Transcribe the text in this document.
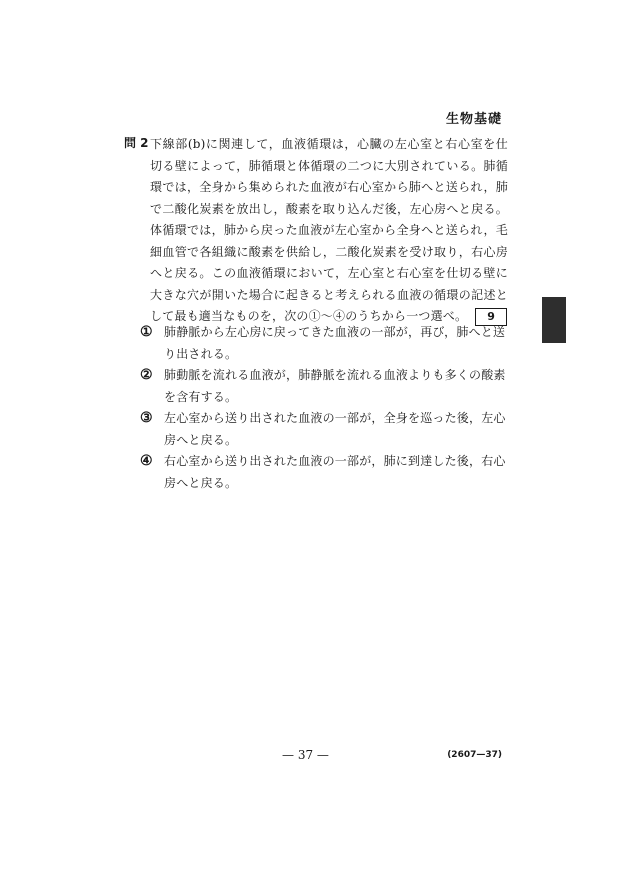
生物基礎
問 2 下線部(b)に関連して，血液循環は，心臓の左心室と右心室を仕切る壁によって，肺循環と体循環の二つに大別されている。肺循環では，全身から集められた血液が右心室から肺へと送られ，肺で二酸化炭素を放出し，酸素を取り込んだ後，左心房へと戻る。体循環では，肺から戻った血液が左心室から全身へと送られ，毛細血管で各組織に酸素を供給し，二酸化炭素を受け取り，右心房へと戻る。この血液循環において，左心室と右心室を仕切る壁に大きな穴が開いた場合に起きると考えられる血液の循環の記述として最も適当なものを，次の①～④のうちから一つ選べ。 9
① 肺静脈から左心房に戻ってきた血液の一部が，再び，肺へと送り出される。
② 肺動脈を流れる血液が，肺静脈を流れる血液よりも多くの酸素を含有する。
③ 左心室から送り出された血液の一部が，全身を巡った後，左心房へと戻る。
④ 右心室から送り出された血液の一部が，肺に到達した後，右心房へと戻る。
— 37 —	(2607—37)
